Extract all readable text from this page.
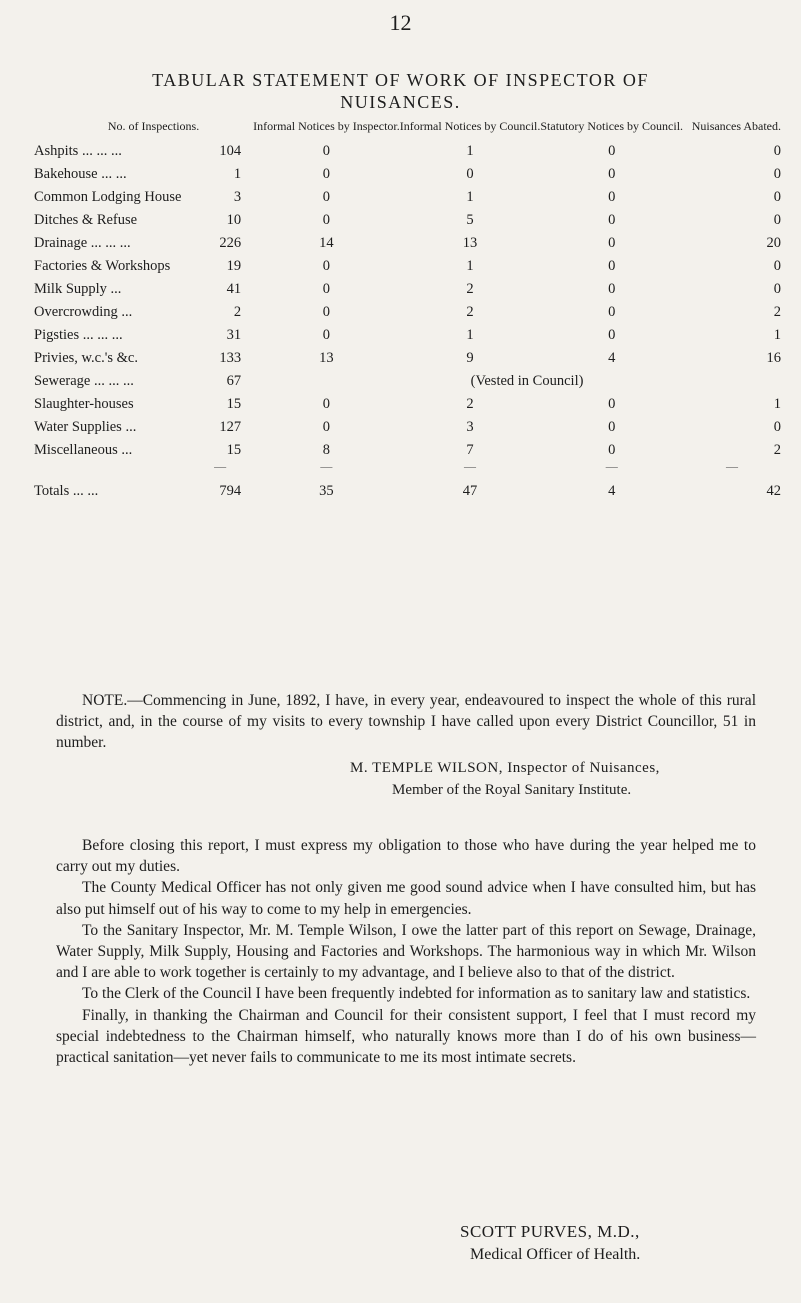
12
TABULAR STATEMENT OF WORK OF INSPECTOR OF
NUISANCES.
No. of Inspections.		Informal Notices by Inspector.	Informal Notices by Council.	Statutory Notices by Council.	Nuisances Abated.
Ashpits ... ... ...	104	0	1	0	0
Bakehouse ... ...	1	0	0	0	0
Common Lodging House	3	0	1	0	0
Ditches & Refuse	10	0	5	0	0
Drainage ... ... ...	226	14	13	0	20
Factories & Workshops	19	0	1	0	0
Milk Supply ...	41	0	2	0	0
Overcrowding ...	2	0	2	0	2
Pigsties ... ... ...	31	0	1	0	1
Privies, w.c.'s &c.	133	13	9	4	16
Sewerage ... ... ...	67	(Vested in Council)			
Slaughter-houses	15	0	2	0	1
Water Supplies ...	127	0	3	0	0
Miscellaneous ...	15	8	7	0	2
	—	—	—	—	—
Totals ... ...	794	35	47	4	42
NOTE.—Commencing in June, 1892, I have, in every year, endeavoured to inspect the whole of this rural district, and, in the course of my visits to every township I have called upon every District Councillor, 51 in number.
M. TEMPLE WILSON, Inspector of Nuisances,
Member of the Royal Sanitary Institute.

Before closing this report, I must express my obligation to those who have during the year helped me to carry out my duties.

The County Medical Officer has not only given me good sound advice when I have consulted him, but has also put himself out of his way to come to my help in emergencies.

To the Sanitary Inspector, Mr. M. Temple Wilson, I owe the latter part of this report on Sewage, Drainage, Water Supply, Milk Supply, Housing and Factories and Workshops. The harmonious way in which Mr. Wilson and I are able to work together is certainly to my advantage, and I believe also to that of the district.

To the Clerk of the Council I have been frequently indebted for information as to sanitary law and statistics.

Finally, in thanking the Chairman and Council for their consistent support, I feel that I must record my special indebtedness to the Chairman himself, who naturally knows more than I do of his own business—practical sanitation—yet never fails to communicate to me its most intimate secrets.

SCOTT PURVES, M.D.,
Medical Officer of Health.
